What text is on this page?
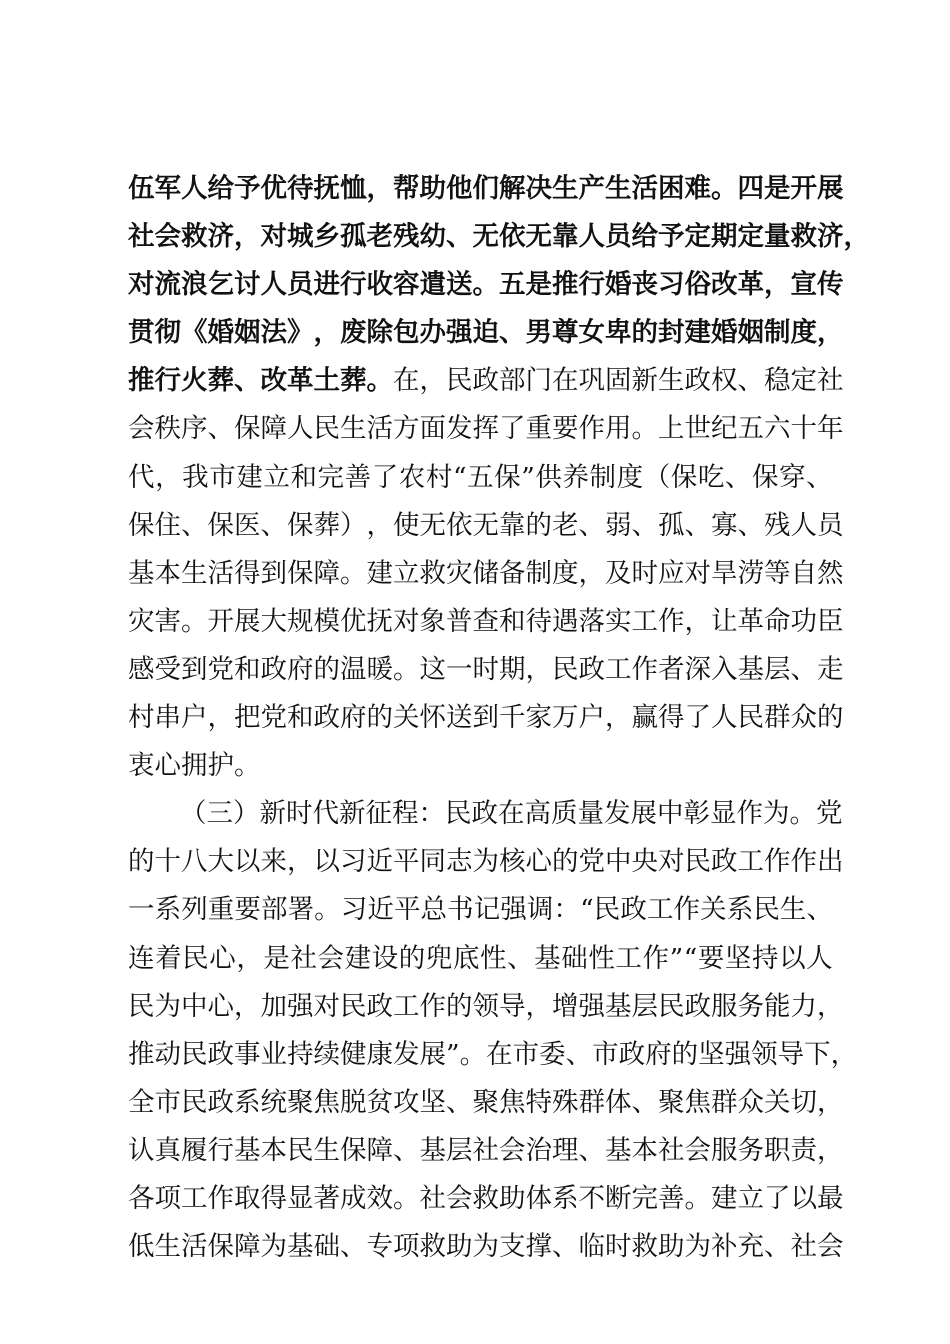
伍 军 人 给 予 优 待 抚 恤 ， 帮 助 他 们 解 决 生 产 生 活 困 难 。 四 是 开 展
社 会 救 济 ， 对 城 乡 孤 老 残 幼 、 无 依 无 靠 人 员 给 予 定 期 定 量 救 济 ，
对 流 浪 乞 讨 人 员 进 行 收 容 遣 送 。 五 是 推 行 婚 丧 习 俗 改 革 ， 宣 传
贯 彻 《 婚 姻 法 》 ， 废 除 包 办 强 迫 、 男 尊 女 卑 的 封 建 婚 姻 制 度 ，
推 行 火 葬 、 改 革 土 葬 。 在 ， 民 政 部 门 在 巩 固 新 生 政 权 、 稳 定 社
会 秩 序 、 保 障 人 民 生 活 方 面 发 挥 了 重 要 作 用 。 上 世 纪 五 六 十 年
代 ， 我 市 建 立 和 完 善 了 农 村 “ 五 保 ” 供 养 制 度 （ 保 吃 、 保 穿 、
保 住 、 保 医 、 保 葬 ） ， 使 无 依 无 靠 的 老 、 弱 、 孤 、 寡 、 残 人 员
基 本 生 活 得 到 保 障 。 建 立 救 灾 储 备 制 度 ， 及 时 应 对 旱 涝 等 自 然
灾 害 。 开 展 大 规 模 优 抚 对 象 普 查 和 待 遇 落 实 工 作 ， 让 革 命 功 臣
感 受 到 党 和 政 府 的 温 暖 。 这 一 时 期 ， 民 政 工 作 者 深 入 基 层 、 走
村 串 户 ， 把 党 和 政 府 的 关 怀 送 到 千 家 万 户 ， 赢 得 了 人 民 群 众 的
衷 心 拥 护 。
（ 三 ） 新 时 代 新 征 程 ： 民 政 在 高 质 量 发 展 中 彰 显 作 为 。 党
的 十 八 大 以 来 ， 以 习 近 平 同 志 为 核 心 的 党 中 央 对 民 政 工 作 作 出
一 系 列 重 要 部 署 。 习 近 平 总 书 记 强 调 ： “ 民 政 工 作 关 系 民 生 、
连 着 民 心 ， 是 社 会 建 设 的 兜 底 性 、 基 础 性 工 作 ” “ 要 坚 持 以 人
民 为 中 心 ， 加 强 对 民 政 工 作 的 领 导 ， 增 强 基 层 民 政 服 务 能 力 ，
推 动 民 政 事 业 持 续 健 康 发 展 ” 。 在 市 委 、 市 政 府 的 坚 强 领 导 下 ，
全 市 民 政 系 统 聚 焦 脱 贫 攻 坚 、 聚 焦 特 殊 群 体 、 聚 焦 群 众 关 切 ，
认 真 履 行 基 本 民 生 保 障 、 基 层 社 会 治 理 、 基 本 社 会 服 务 职 责 ，
各 项 工 作 取 得 显 著 成 效 。 社 会 救 助 体 系 不 断 完 善 。 建 立 了 以 最
低 生 活 保 障 为 基 础 、 专 项 救 助 为 支 撑 、 临 时 救 助 为 补 充 、 社 会
